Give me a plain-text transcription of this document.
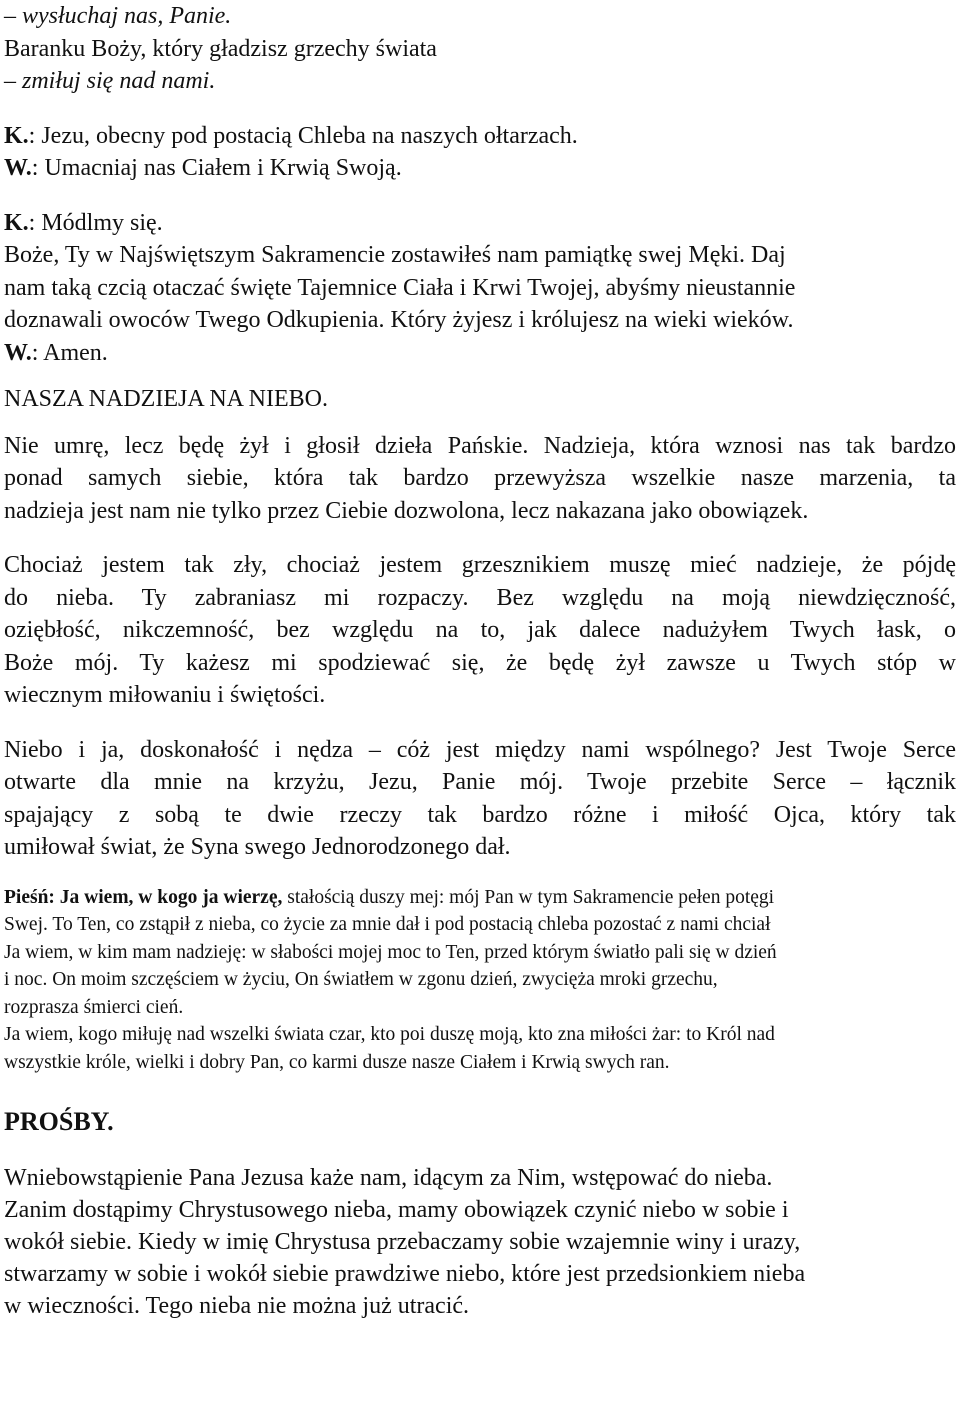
– wysłuchaj nas, Panie.
Baranku Boży, który gładzisz grzechy świata
– zmiłuj się nad nami.
K.: Jezu, obecny pod postacią Chleba na naszych ołtarzach.
W.: Umacniaj nas Ciałem i Krwią Swoją.
K.: Módlmy się.
Boże, Ty w Najświętszym Sakramencie zostawiłeś nam pamiątkę swej Męki. Daj
nam taką czcią otaczać święte Tajemnice Ciała i Krwi Twojej, abyśmy nieustannie
doznawali owoców Twego Odkupienia. Który żyjesz i królujesz na wieki wieków.
W.: Amen.
NASZA NADZIEJA NA NIEBO.
Nie umrę, lecz będę żył i głosił dzieła Pańskie. Nadzieja, która wznosi nas tak bardzo
ponad samych siebie, która tak bardzo przewyższa wszelkie nasze marzenia, ta
nadzieja jest nam nie tylko przez Ciebie dozwolona, lecz nakazana jako obowiązek.
Chociaż jestem tak zły, chociaż jestem grzesznikiem muszę mieć nadzieje, że pójdę
do nieba. Ty zabraniasz mi rozpaczy. Bez względu na moją niewdzięczność,
oziębłość, nikczemność, bez względu na to, jak dalece nadużyłem Twych łask, o
Boże mój. Ty każesz mi spodziewać się, że będę żył zawsze u Twych stóp w
wiecznym miłowaniu i świętości.
Niebo i ja, doskonałość i nędza – cóż jest między nami wspólnego? Jest Twoje Serce
otwarte dla mnie na krzyżu, Jezu, Panie mój. Twoje przebite Serce – łącznik
spajający z sobą te dwie rzeczy tak bardzo różne i miłość Ojca, który tak
umiłował świat, że Syna swego Jednorodzonego dał.
Pieśń: Ja wiem, w kogo ja wierzę, stałością duszy mej: mój Pan w tym Sakramencie pełen potęgi
Swej. To Ten, co zstąpił z nieba, co życie za mnie dał i pod postacią chleba pozostać z nami chciał
Ja wiem, w kim mam nadzieję: w słabości mojej moc to Ten, przed którym światło pali się w dzień
i noc. On moim szczęściem w życiu, On światłem w zgonu dzień, zwycięża mroki grzechu,
rozprasza śmierci cień.
Ja wiem, kogo miłuję nad wszelki świata czar, kto poi duszę moją, kto zna miłości żar: to Król nad
wszystkie króle, wielki i dobry Pan, co karmi dusze nasze Ciałem i Krwią swych ran.
PROŚBY.
Wniebowstąpienie Pana Jezusa każe nam, idącym za Nim, wstępować do nieba.
Zanim dostąpimy Chrystusowego nieba, mamy obowiązek czynić niebo w sobie i
wokół siebie. Kiedy w imię Chrystusa przebaczamy sobie wzajemnie winy i urazy,
stwarzamy w sobie i wokół siebie prawdziwe niebo, które jest przedsionkiem nieba
w wieczności. Tego nieba nie można już utracić.
